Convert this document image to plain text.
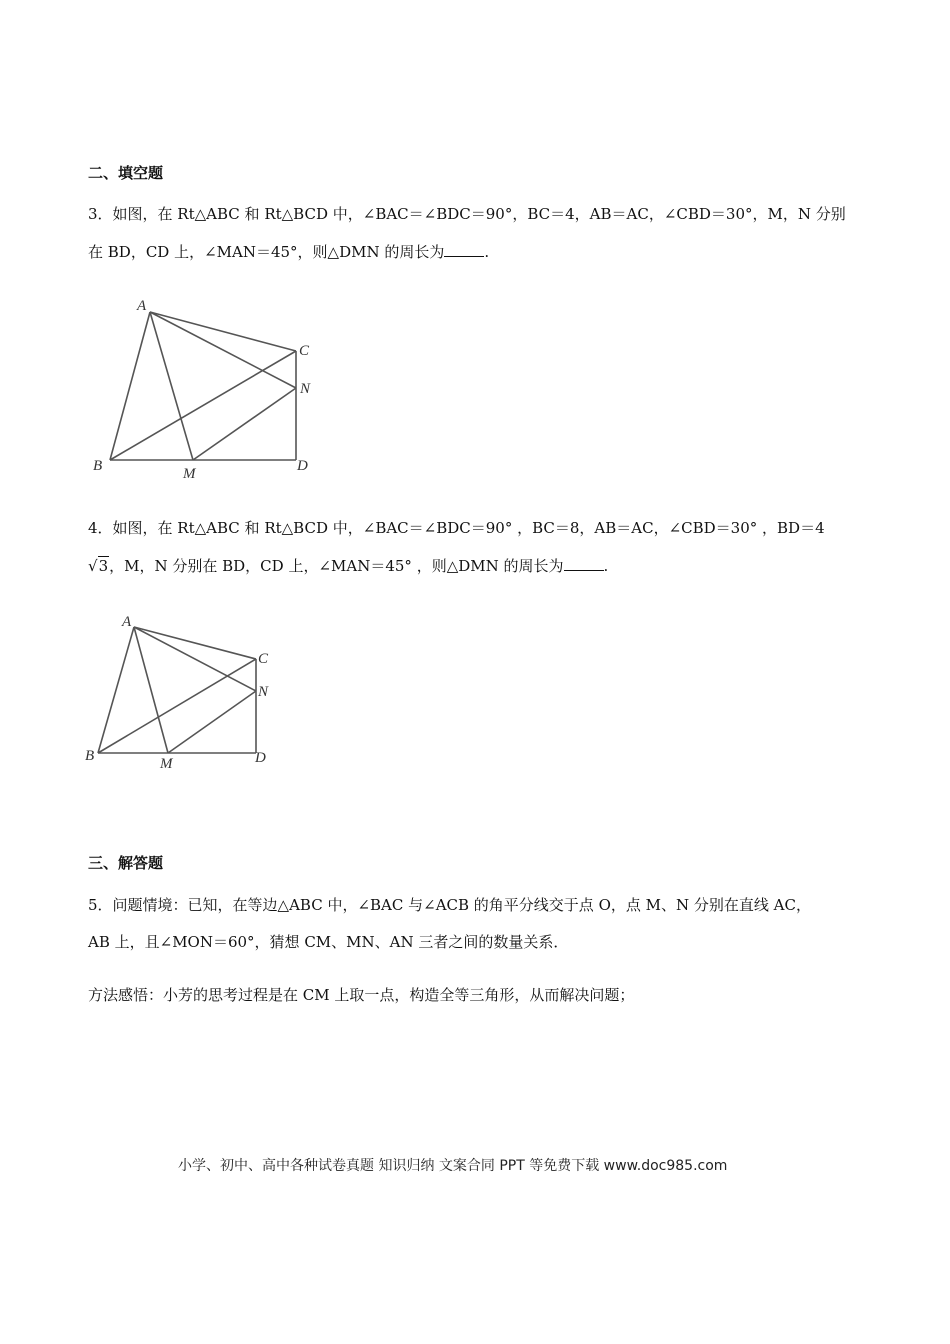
二、填空题
3．如图，在 Rt△ABC 和 Rt△BCD 中，∠BAC＝∠BDC＝90°，BC＝4，AB＝AC，∠CBD＝30°，M，N 分别
在 BD，CD 上，∠MAN＝45°，则△DMN 的周长为	.
A
C
N
B	M	D
4．如图，在 Rt△ABC 和 Rt△BCD 中，∠BAC＝∠BDC＝90° ，BC＝8，AB＝AC，∠CBD＝30° ，BD＝4
√3，M，N 分别在 BD，CD 上，∠MAN＝45° ，则△DMN 的周长为	.
A
C
N
B	M	D
三、解答题
5．问题情境：已知，在等边△ABC 中，∠BAC 与∠ACB 的角平分线交于点 O，点 M、N 分别在直线 AC，
AB 上，且∠MON＝60°，猜想 CM、MN、AN 三者之间的数量关系．
方法感悟：小芳的思考过程是在 CM 上取一点，构造全等三角形，从而解决问题；
小学、初中、高中各种试卷真题 知识归纳 文案合同 PPT 等免费下载 www.doc985.com
